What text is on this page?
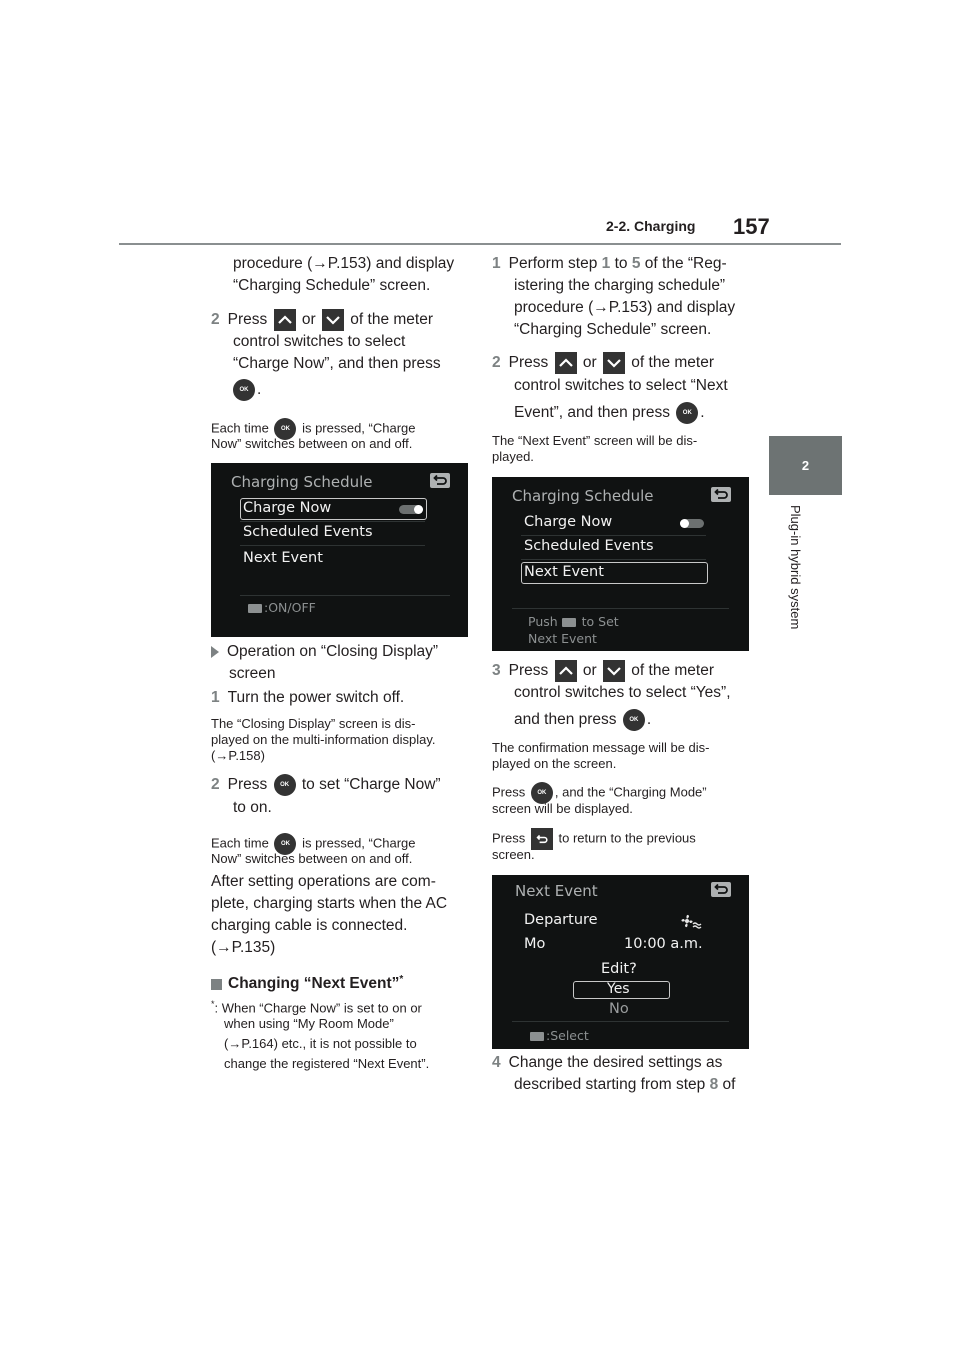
2-2. Charging 157
2
Plug-in hybrid system
procedure (→P.153) and display
“Charging Schedule” screen.
2 Press or of the meter
control switches to select
“Charge Now”, and then press
OK .
Each time OK is pressed, “Charge
Now” switches between on and off.
Charging Schedule
Charge Now
Scheduled Events
Next Event
:ON/OFF
Operation on “Closing Display”
screen
1 Turn the power switch off.
The “Closing Display” screen is dis-
played on the multi-information display.
(→P.158)
2 Press OK to set “Charge Now”
to on.
Each time OK is pressed, “Charge
Now” switches between on and off.
After setting operations are com-
plete, charging starts when the AC
charging cable is connected.
(→P.135)
Changing “Next Event”*
*: When “Charge Now” is set to on or
when using “My Room Mode”
(→P.164) etc., it is not possible to
change the registered “Next Event”.
1 Perform step 1 to 5 of the “Reg-
istering the charging schedule”
procedure (→P.153) and display
“Charging Schedule” screen.
2 Press or of the meter
control switches to select “Next
Event”, and then press OK .
The “Next Event” screen will be dis-
played.
Charging Schedule
Charge Now
Scheduled Events
Next Event
Push to Set
Next Event
3 Press or of the meter
control switches to select “Yes”,
and then press OK .
The confirmation message will be dis-
played on the screen.
Press OK , and the “Charging Mode”
screen will be displayed.
Press	to return to the previous
screen.
Next Event
Departure
Mo	10:00 a.m.
Edit?
Yes
No
:Select
4 Change the desired settings as
described starting from step 8 of
